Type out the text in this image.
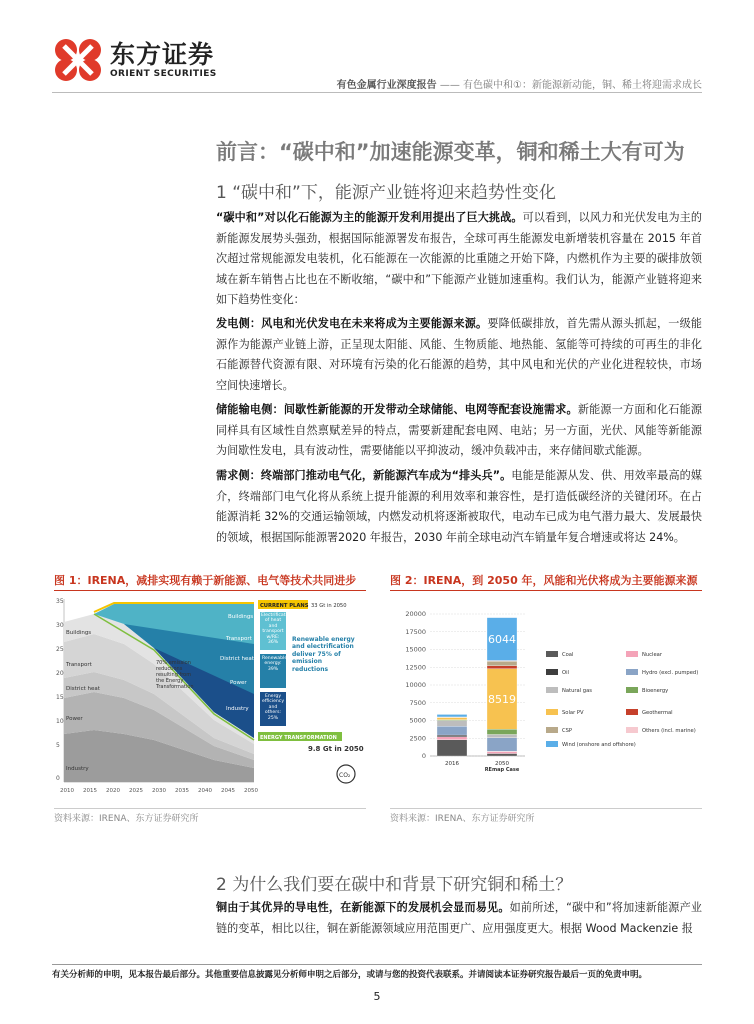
东方证券
ORIENT SECURITIES
有色金属行业深度报告 —— 有色碳中和①：新能源新动能，铜、稀土将迎需求成长
前言：“碳中和”加速能源变革，铜和稀土大有可为
1 “碳中和”下，能源产业链将迎来趋势性变化
“碳中和”对以化石能源为主的能源开发利用提出了巨大挑战。可以看到，以风力和光伏发电为主的新能源发展势头强劲，根据国际能源署发布报告，全球可再生能源发电新增装机容量在 2015 年首次超过常规能源发电装机，化石能源在一次能源的比重随之开始下降，内燃机作为主要的碳排放领域在新车销售占比也在不断收缩，“碳中和”下能源产业链加速重构。我们认为，能源产业链将迎来如下趋势性变化：
发电侧：风电和光伏发电在未来将成为主要能源来源。要降低碳排放，首先需从源头抓起，一级能源作为能源产业链上游，正呈现太阳能、风能、生物质能、地热能、氢能等可持续的可再生的非化石能源替代资源有限、对环境有污染的化石能源的趋势，其中风电和光伏的产业化进程较快，市场空间快速增长。
储能输电侧：间歇性新能源的开发带动全球储能、电网等配套设施需求。新能源一方面和化石能源同样具有区域性自然禀赋差异的特点，需要新建配套电网、电站；另一方面，光伏、风能等新能源为间歇性发电，具有波动性，需要储能以平抑波动，缓冲负载冲击，来存储间歇式能源。
需求侧：终端部门推动电气化，新能源汽车成为“排头兵”。电能是能源从发、供、用效率最高的媒介，终端部门电气化将从系统上提升能源的利用效率和兼容性，是打造低碳经济的关键闭环。在占能源消耗 32%的交通运输领域，内燃发动机将逐渐被取代，电动车已成为电气潜力最大、发展最快的领域，根据国际能源署2020 年报告，2030 年前全球电动汽车销量年复合增速或将达 24%。
图 1：IRENA，减排实现有赖于新能源、电气等技术共同进步
35
30
25
20
15
10
5
0
Buildings
Transport
District heat
Power
Industry
Buildings
Transport
District heat
Power
Industry
70% emission reductions resulting from the Energy Transformation
CURRENT PLANS 33 Gt in 2050
Electrification of heat and transport w/RE: 36%
Renewable energy: 39%
Energy efficiency and others: 25%
Renewable energy and electrification deliver 75% of emission reductions
ENERGY TRANSFORMATION
9.8 Gt in 2050
CO₂
2010 2015 2020 2025 2030 2035 2040 2045 2050
资料来源：IRENA、东方证券研究所
图 2：IRENA，到 2050 年，风能和光伏将成为主要能源来源
0
2500
5000
7500
10000
12500
15000
17500
20000
8519
6044
2016	2050
REmap Case
Coal	Nuclear
Oil	Hydro (excl. pumped)
Natural gas	Bioenergy
Solar PV	Geothermal
CSP	Others (incl. marine)
Wind (onshore and offshore)
资料来源：IRENA、东方证券研究所
2 为什么我们要在碳中和背景下研究铜和稀土？
铜由于其优异的导电性，在新能源下的发展机会显而易见。如前所述，“碳中和”将加速新能源产业链的变革，相比以往，铜在新能源领域应用范围更广、应用强度更大。根据 Wood Mackenzie 报
有关分析师的申明，见本报告最后部分。其他重要信息披露见分析师申明之后部分，或请与您的投资代表联系。并请阅读本证券研究报告最后一页的免责申明。
5
